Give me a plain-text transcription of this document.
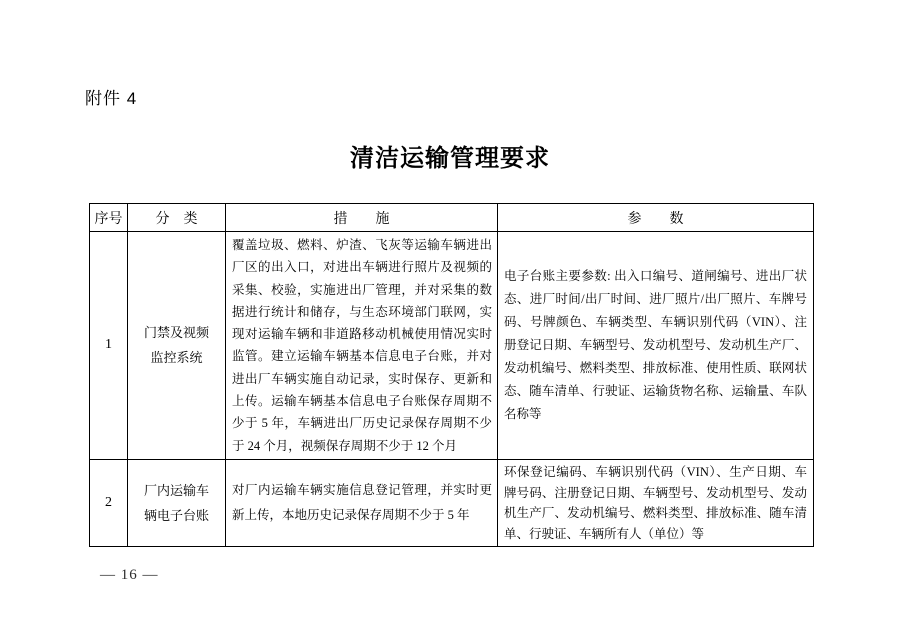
附件 4
清洁运输管理要求
序号	分　类	措　　施	参　　数
1	门禁及视频监控系统	覆盖垃圾、燃料、炉渣、飞灰等运输车辆进出厂区的出入口，对进出车辆进行照片及视频的采集、校验，实施进出厂管理，并对采集的数据进行统计和储存，与生态环境部门联网，实现对运输车辆和非道路移动机械使用情况实时监管。建立运输车辆基本信息电子台账，并对进出厂车辆实施自动记录，实时保存、更新和上传。运输车辆基本信息电子台账保存周期不少于 5 年，车辆进出厂历史记录保存周期不少于 24 个月，视频保存周期不少于 12 个月	电子台账主要参数: 出入口编号、道闸编号、进出厂状态、进厂时间/出厂时间、进厂照片/出厂照片、车牌号码、号牌颜色、车辆类型、车辆识别代码（VIN）、注册登记日期、车辆型号、发动机型号、发动机生产厂、发动机编号、燃料类型、排放标准、使用性质、联网状态、随车清单、行驶证、运输货物名称、运输量、车队名称等
2	厂内运输车辆电子台账	对厂内运输车辆实施信息登记管理，并实时更新上传，本地历史记录保存周期不少于 5 年	环保登记编码、车辆识别代码（VIN）、生产日期、车牌号码、注册登记日期、车辆型号、发动机型号、发动机生产厂、发动机编号、燃料类型、排放标准、随车清单、行驶证、车辆所有人（单位）等
— 16 —
